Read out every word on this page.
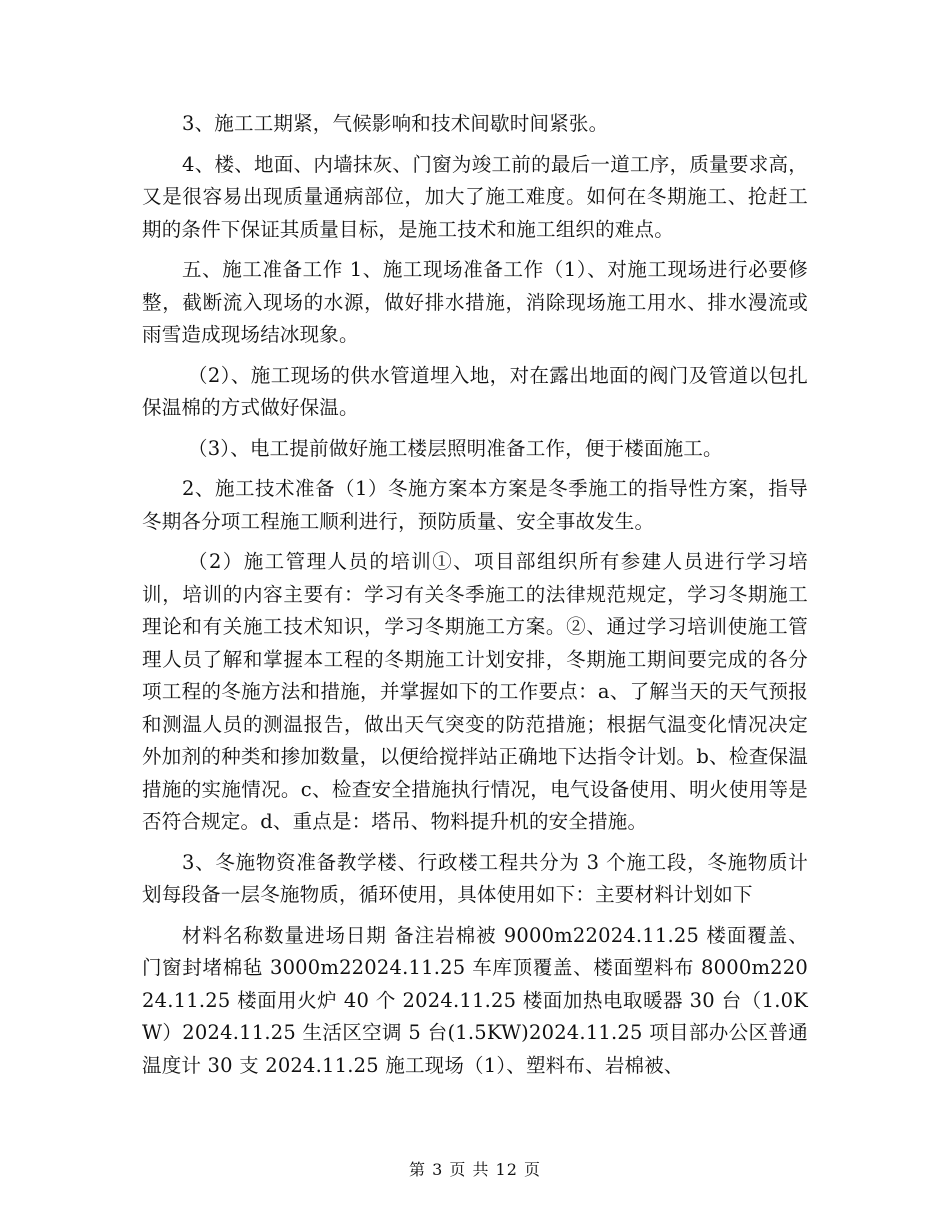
3、施工工期紧，气候影响和技术间歇时间紧张。

4、楼、地面、内墙抹灰、门窗为竣工前的最后一道工序，质量要求高，又是很容易出现质量通病部位，加大了施工难度。如何在冬期施工、抢赶工期的条件下保证其质量目标，是施工技术和施工组织的难点。

五、施工准备工作 1、施工现场准备工作（1）、对施工现场进行必要修整，截断流入现场的水源，做好排水措施，消除现场施工用水、排水漫流或雨雪造成现场结冰现象。

（2）、施工现场的供水管道埋入地，对在露出地面的阀门及管道以包扎保温棉的方式做好保温。

（3）、电工提前做好施工楼层照明准备工作，便于楼面施工。

2、施工技术准备（1）冬施方案本方案是冬季施工的指导性方案，指导冬期各分项工程施工顺利进行，预防质量、安全事故发生。

（2）施工管理人员的培训①、项目部组织所有参建人员进行学习培训，培训的内容主要有：学习有关冬季施工的法律规范规定，学习冬期施工理论和有关施工技术知识，学习冬期施工方案。②、通过学习培训使施工管理人员了解和掌握本工程的冬期施工计划安排，冬期施工期间要完成的各分项工程的冬施方法和措施，并掌握如下的工作要点：a、了解当天的天气预报和测温人员的测温报告，做出天气突变的防范措施；根据气温变化情况决定外加剂的种类和掺加数量，以便给搅拌站正确地下达指令计划。b、检查保温措施的实施情况。c、检查安全措施执行情况，电气设备使用、明火使用等是否符合规定。d、重点是：塔吊、物料提升机的安全措施。

3、冬施物资准备教学楼、行政楼工程共分为 3 个施工段，冬施物质计划每段备一层冬施物质，循环使用，具体使用如下：主要材料计划如下

材料名称数量进场日期 备注岩棉被 9000m22024.11.25 楼面覆盖、门窗封堵棉毡 3000m22024.11.25 车库顶覆盖、楼面塑料布 8000m22024.11.25 楼面用火炉 40 个 2024.11.25 楼面加热电取暖器 30 台（1.0KW）2024.11.25 生活区空调 5 台(1.5KW)2024.11.25 项目部办公区普通温度计 30 支 2024.11.25 施工现场（1）、塑料布、岩棉被、

第 3 页 共 12 页
